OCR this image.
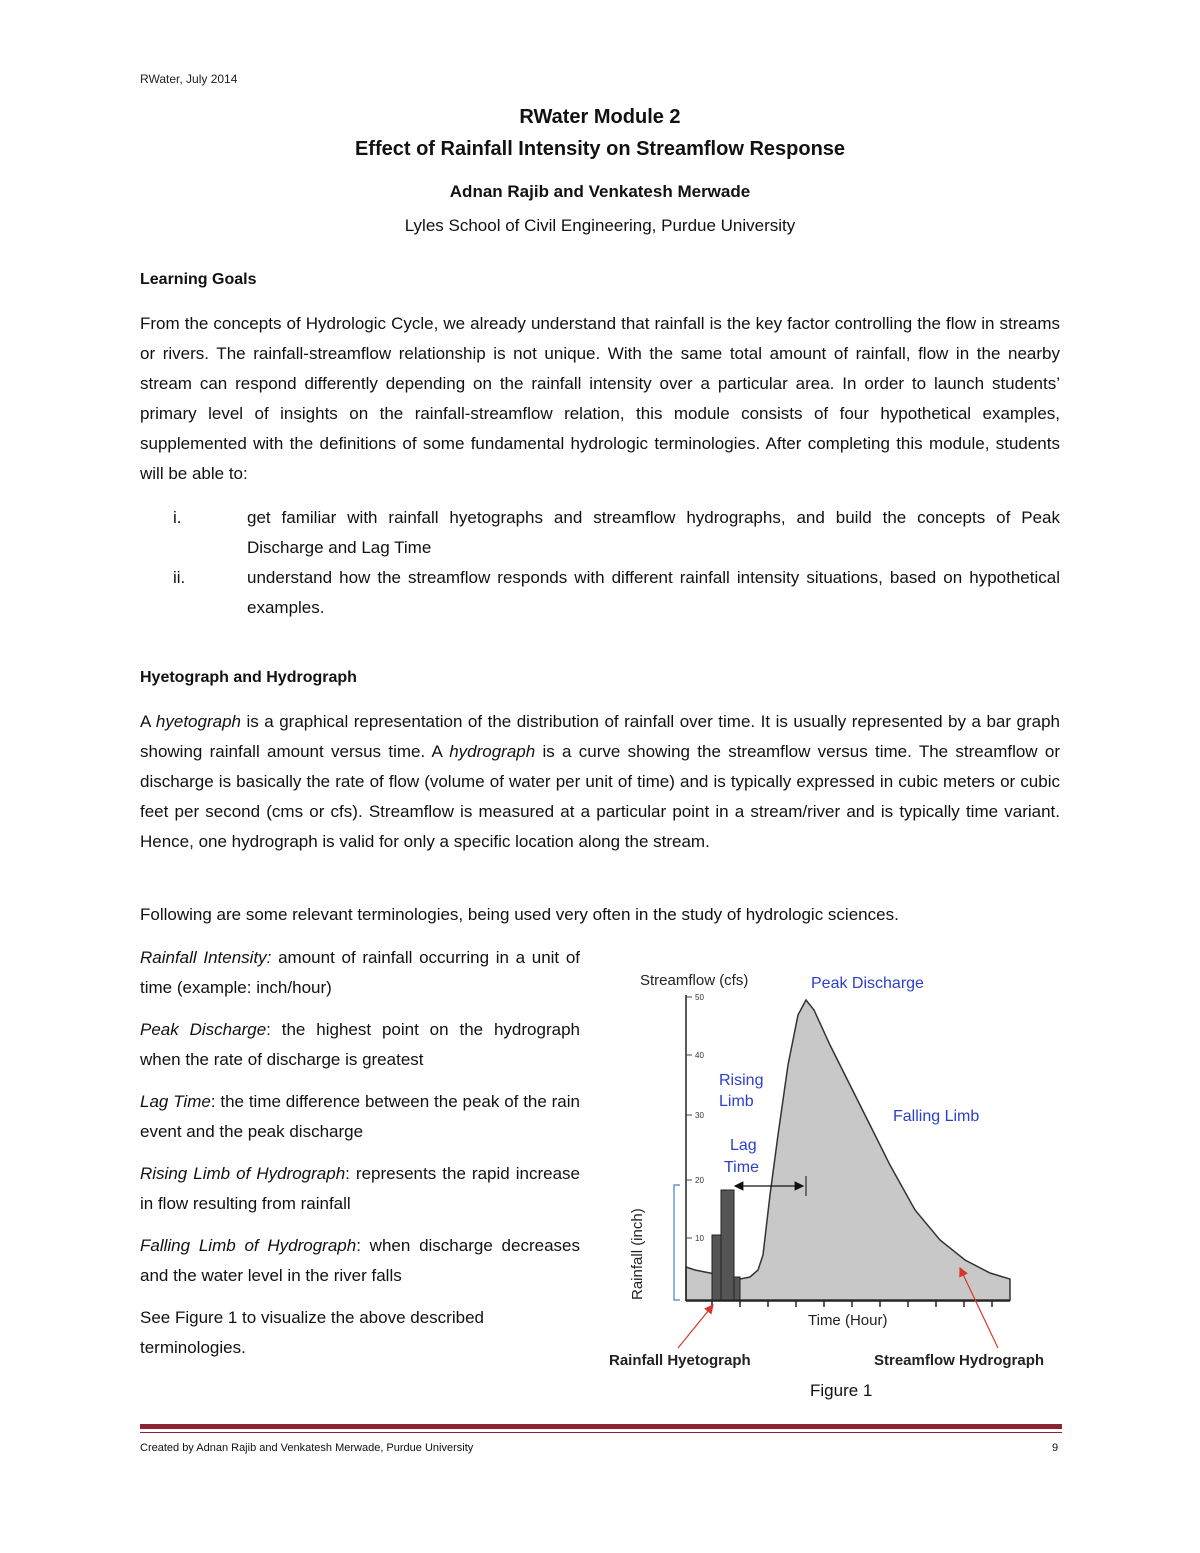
RWater, July 2014
RWater Module 2
Effect of Rainfall Intensity on Streamflow Response
Adnan Rajib and Venkatesh Merwade
Lyles School of Civil Engineering, Purdue University
Learning Goals
From the concepts of Hydrologic Cycle, we already understand that rainfall is the key factor controlling the flow in streams or rivers. The rainfall-streamflow relationship is not unique. With the same total amount of rainfall, flow in the nearby stream can respond differently depending on the rainfall intensity over a particular area. In order to launch students’ primary level of insights on the rainfall-streamflow relation, this module consists of four hypothetical examples, supplemented with the definitions of some fundamental hydrologic terminologies. After completing this module, students will be able to:
i.	get familiar with rainfall hyetographs and streamflow hydrographs, and build the concepts of Peak Discharge and Lag Time
ii.	understand how the streamflow responds with different rainfall intensity situations, based on hypothetical examples.
Hyetograph and Hydrograph
A hyetograph is a graphical representation of the distribution of rainfall over time. It is usually represented by a bar graph showing rainfall amount versus time. A hydrograph is a curve showing the streamflow versus time. The streamflow or discharge is basically the rate of flow (volume of water per unit of time) and is typically expressed in cubic meters or cubic feet per second (cms or cfs). Streamflow is measured at a particular point in a stream/river and is typically time variant. Hence, one hydrograph is valid for only a specific location along the stream.
Following are some relevant terminologies, being used very often in the study of hydrologic sciences.

Rainfall Intensity: amount of rainfall occurring in a unit of time (example: inch/hour)

Peak Discharge: the highest point on the hydrograph when the rate of discharge is greatest

Lag Time: the time difference between the peak of the rain event and the peak discharge

Rising Limb of Hydrograph: represents the rapid increase in flow resulting from rainfall

Falling Limb of Hydrograph: when discharge decreases and the water level in the river falls

See Figure 1 to visualize the above described terminologies.

50
40
30
20
10
Streamflow (cfs)
Rainfall (inch)
Time (Hour)
Peak Discharge
Rising
Limb
Falling Limb
Lag
Time
Rainfall Hyetograph	Streamflow Hydrograph
Figure 1
Created by Adnan Rajib and Venkatesh Merwade, Purdue University	9
